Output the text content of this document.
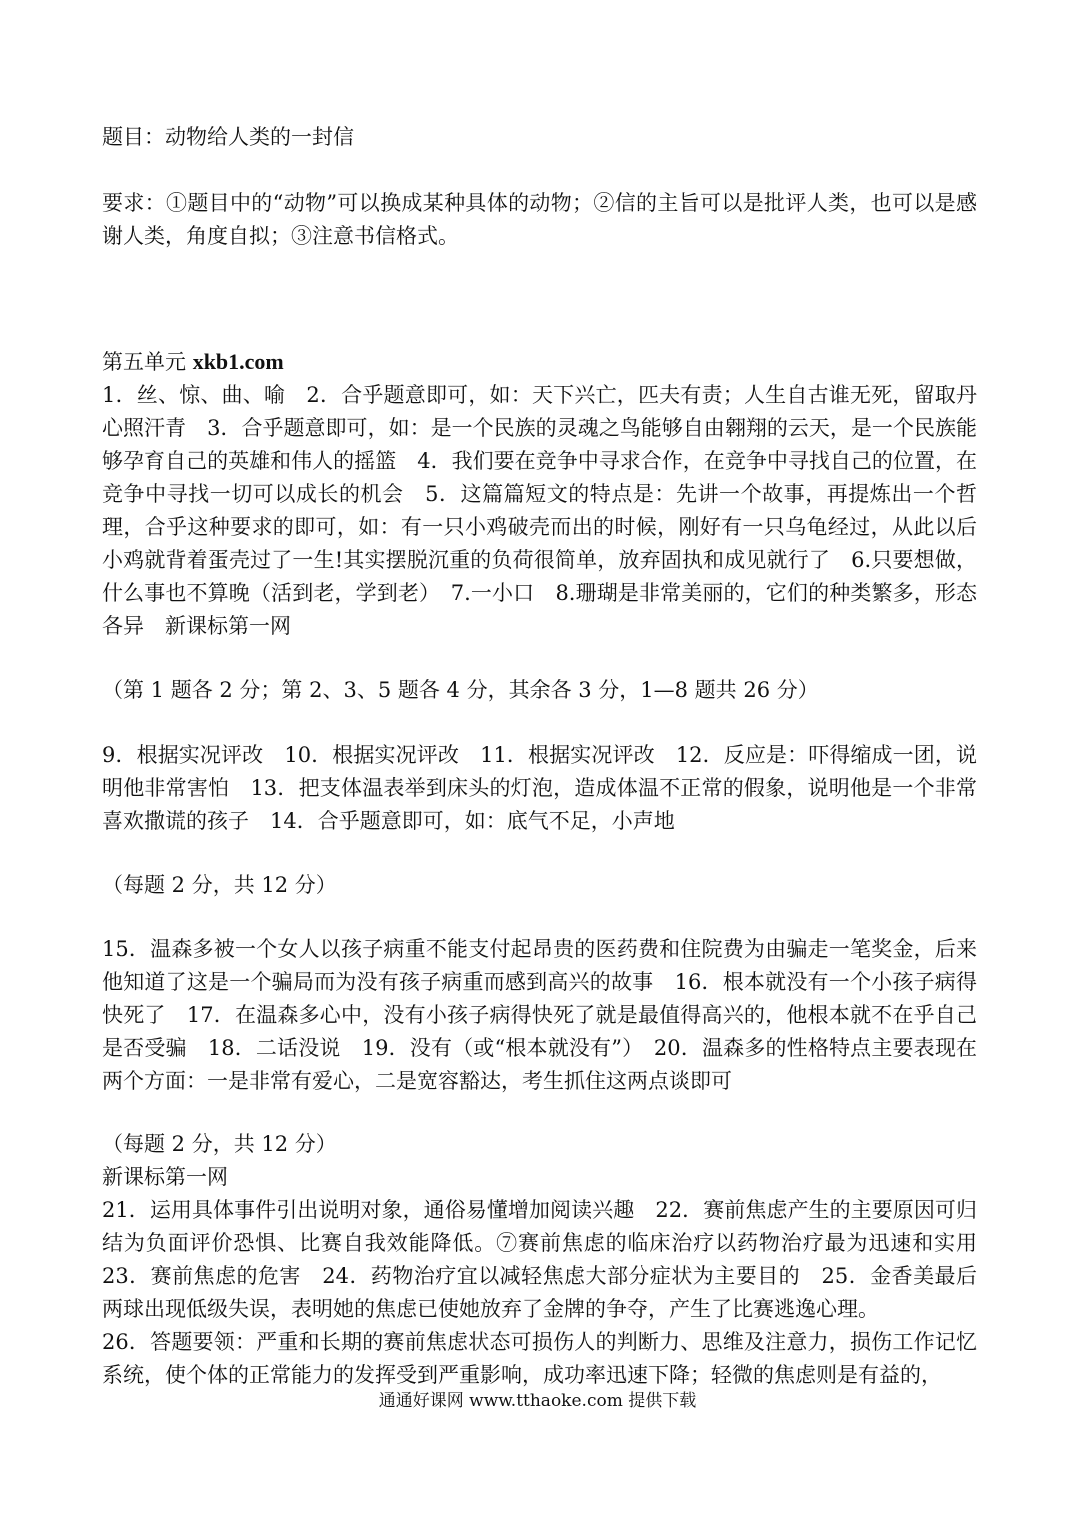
题目：动物给人类的一封信

要求：①题目中的“动物”可以换成某种具体的动物；②信的主旨可以是批评人类，也可以是感谢人类，角度自拟；③注意书信格式。

第五单元 xkb1.com

1．丝、惊、曲、喻　2．合乎题意即可，如：天下兴亡，匹夫有责；人生自古谁无死，留取丹心照汗青　3．合乎题意即可，如：是一个民族的灵魂之鸟能够自由翱翔的云天，是一个民族能够孕育自己的英雄和伟人的摇篮　4．我们要在竞争中寻求合作，在竞争中寻找自己的位置，在竞争中寻找一切可以成长的机会　5．这篇篇短文的特点是：先讲一个故事，再提炼出一个哲理，合乎这种要求的即可，如：有一只小鸡破壳而出的时候，刚好有一只乌龟经过，从此以后小鸡就背着蛋壳过了一生!其实摆脱沉重的负荷很简单，放弃固执和成见就行了　6.只要想做，什么事也不算晚（活到老，学到老）　7.一小口　8.珊瑚是非常美丽的，它们的种类繁多，形态各异　新课标第一网

（第 1 题各 2 分；第 2、3、5 题各 4 分，其余各 3 分，1—8 题共 26 分）

9．根据实况评改　10．根据实况评改　11．根据实况评改　12．反应是：吓得缩成一团，说明他非常害怕　13．把支体温表举到床头的灯泡，造成体温不正常的假象，说明他是一个非常喜欢撒谎的孩子　14．合乎题意即可，如：底气不足，小声地

（每题 2 分，共 12 分）

15．温森多被一个女人以孩子病重不能支付起昂贵的医药费和住院费为由骗走一笔奖金，后来他知道了这是一个骗局而为没有孩子病重而感到高兴的故事　16．根本就没有一个小孩子病得快死了　17．在温森多心中，没有小孩子病得快死了就是最值得高兴的，他根本就不在乎自己是否受骗　18．二话没说　19．没有（或“根本就没有”）　20．温森多的性格特点主要表现在两个方面：一是非常有爱心，二是宽容豁达，考生抓住这两点谈即可

（每题 2 分，共 12 分）

新课标第一网

21．运用具体事件引出说明对象，通俗易懂增加阅读兴趣　22．赛前焦虑产生的主要原因可归结为负面评价恐惧、比赛自我效能降低。⑦赛前焦虑的临床治疗以药物治疗最为迅速和实用　23．赛前焦虑的危害　24．药物治疗宜以减轻焦虑大部分症状为主要目的　25．金香美最后两球出现低级失误，表明她的焦虑已使她放弃了金牌的争夺，产生了比赛逃逸心理。

26．答题要领：严重和长期的赛前焦虑状态可损伤人的判断力、思维及注意力，损伤工作记忆系统，使个体的正常能力的发挥受到严重影响，成功率迅速下降；轻微的焦虑则是有益的，

通通好课网 www.tthaoke.com 提供下载
